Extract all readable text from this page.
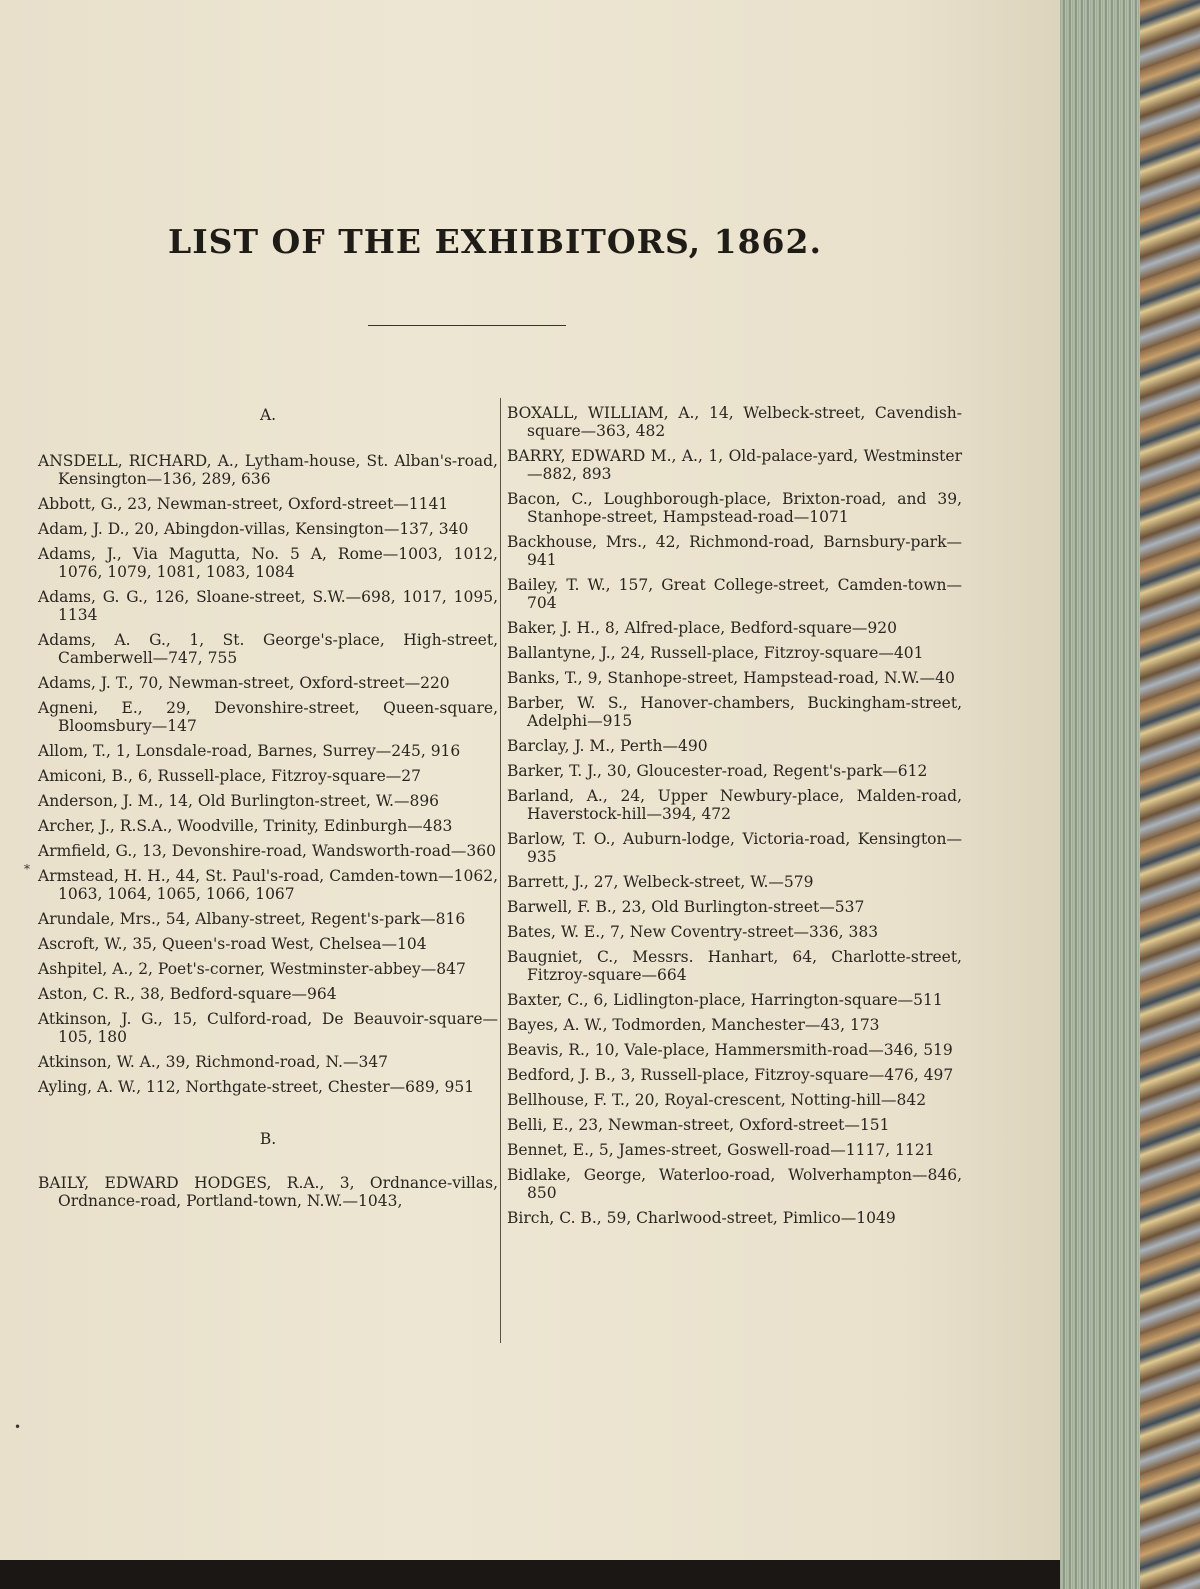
LIST OF THE EXHIBITORS, 1862.

A.

ANSDELL, RICHARD, A., Lytham-house, St. Alban's-road, Kensington—136, 289, 636

Abbott, G., 23, Newman-street, Oxford-street—1141

Adam, J. D., 20, Abingdon-villas, Kensington—137, 340

Adams, J., Via Magutta, No. 5 A, Rome—1003, 1012, 1076, 1079, 1081, 1083, 1084

Adams, G. G., 126, Sloane-street, S.W.—698, 1017, 1095, 1134

Adams, A. G., 1, St. George's-place, High-street, Camberwell—747, 755

Adams, J. T., 70, Newman-street, Oxford-street—220

Agneni, E., 29, Devonshire-street, Queen-square, Bloomsbury—147

Allom, T., 1, Lonsdale-road, Barnes, Surrey—245, 916

Amiconi, B., 6, Russell-place, Fitzroy-square—27

Anderson, J. M., 14, Old Burlington-street, W.—896

Archer, J., R.S.A., Woodville, Trinity, Edinburgh—483

Armfield, G., 13, Devonshire-road, Wandsworth-road—360

Armstead, H. H., 44, St. Paul's-road, Camden-town—1062, 1063, 1064, 1065, 1066, 1067

Arundale, Mrs., 54, Albany-street, Regent's-park—816

Ascroft, W., 35, Queen's-road West, Chelsea—104

Ashpitel, A., 2, Poet's-corner, Westminster-abbey—847

Aston, C. R., 38, Bedford-square—964

Atkinson, J. G., 15, Culford-road, De Beauvoir-square—105, 180

Atkinson, W. A., 39, Richmond-road, N.—347

Ayling, A. W., 112, Northgate-street, Chester—689, 951

B.

BAILY, EDWARD HODGES, R.A., 3, Ordnance-villas, Ordnance-road, Portland-town, N.W.—1043,

BOXALL, WILLIAM, A., 14, Welbeck-street, Cavendish-square—363, 482

BARRY, EDWARD M., A., 1, Old-palace-yard, Westminster—882, 893

Bacon, C., Loughborough-place, Brixton-road, and 39, Stanhope-street, Hampstead-road—1071

Backhouse, Mrs., 42, Richmond-road, Barnsbury-park—941

Bailey, T. W., 157, Great College-street, Camden-town—704

Baker, J. H., 8, Alfred-place, Bedford-square—920

Ballantyne, J., 24, Russell-place, Fitzroy-square—401

Banks, T., 9, Stanhope-street, Hampstead-road, N.W.—40

Barber, W. S., Hanover-chambers, Buckingham-street, Adelphi—915

Barclay, J. M., Perth—490

Barker, T. J., 30, Gloucester-road, Regent's-park—612

Barland, A., 24, Upper Newbury-place, Malden-road, Haverstock-hill—394, 472

Barlow, T. O., Auburn-lodge, Victoria-road, Kensington—935

Barrett, J., 27, Welbeck-street, W.—579

Barwell, F. B., 23, Old Burlington-street—537

Bates, W. E., 7, New Coventry-street—336, 383

Baugniet, C., Messrs. Hanhart, 64, Charlotte-street, Fitzroy-square—664

Baxter, C., 6, Lidlington-place, Harrington-square—511

Bayes, A. W., Todmorden, Manchester—43, 173

Beavis, R., 10, Vale-place, Hammersmith-road—346, 519

Bedford, J. B., 3, Russell-place, Fitzroy-square—476, 497

Bellhouse, F. T., 20, Royal-crescent, Notting-hill—842

Belli, E., 23, Newman-street, Oxford-street—151

Bennet, E., 5, James-street, Goswell-road—1117, 1121

Bidlake, George, Waterloo-road, Wolverhampton—846, 850

Birch, C. B., 59, Charlwood-street, Pimlico—1049

*
•
